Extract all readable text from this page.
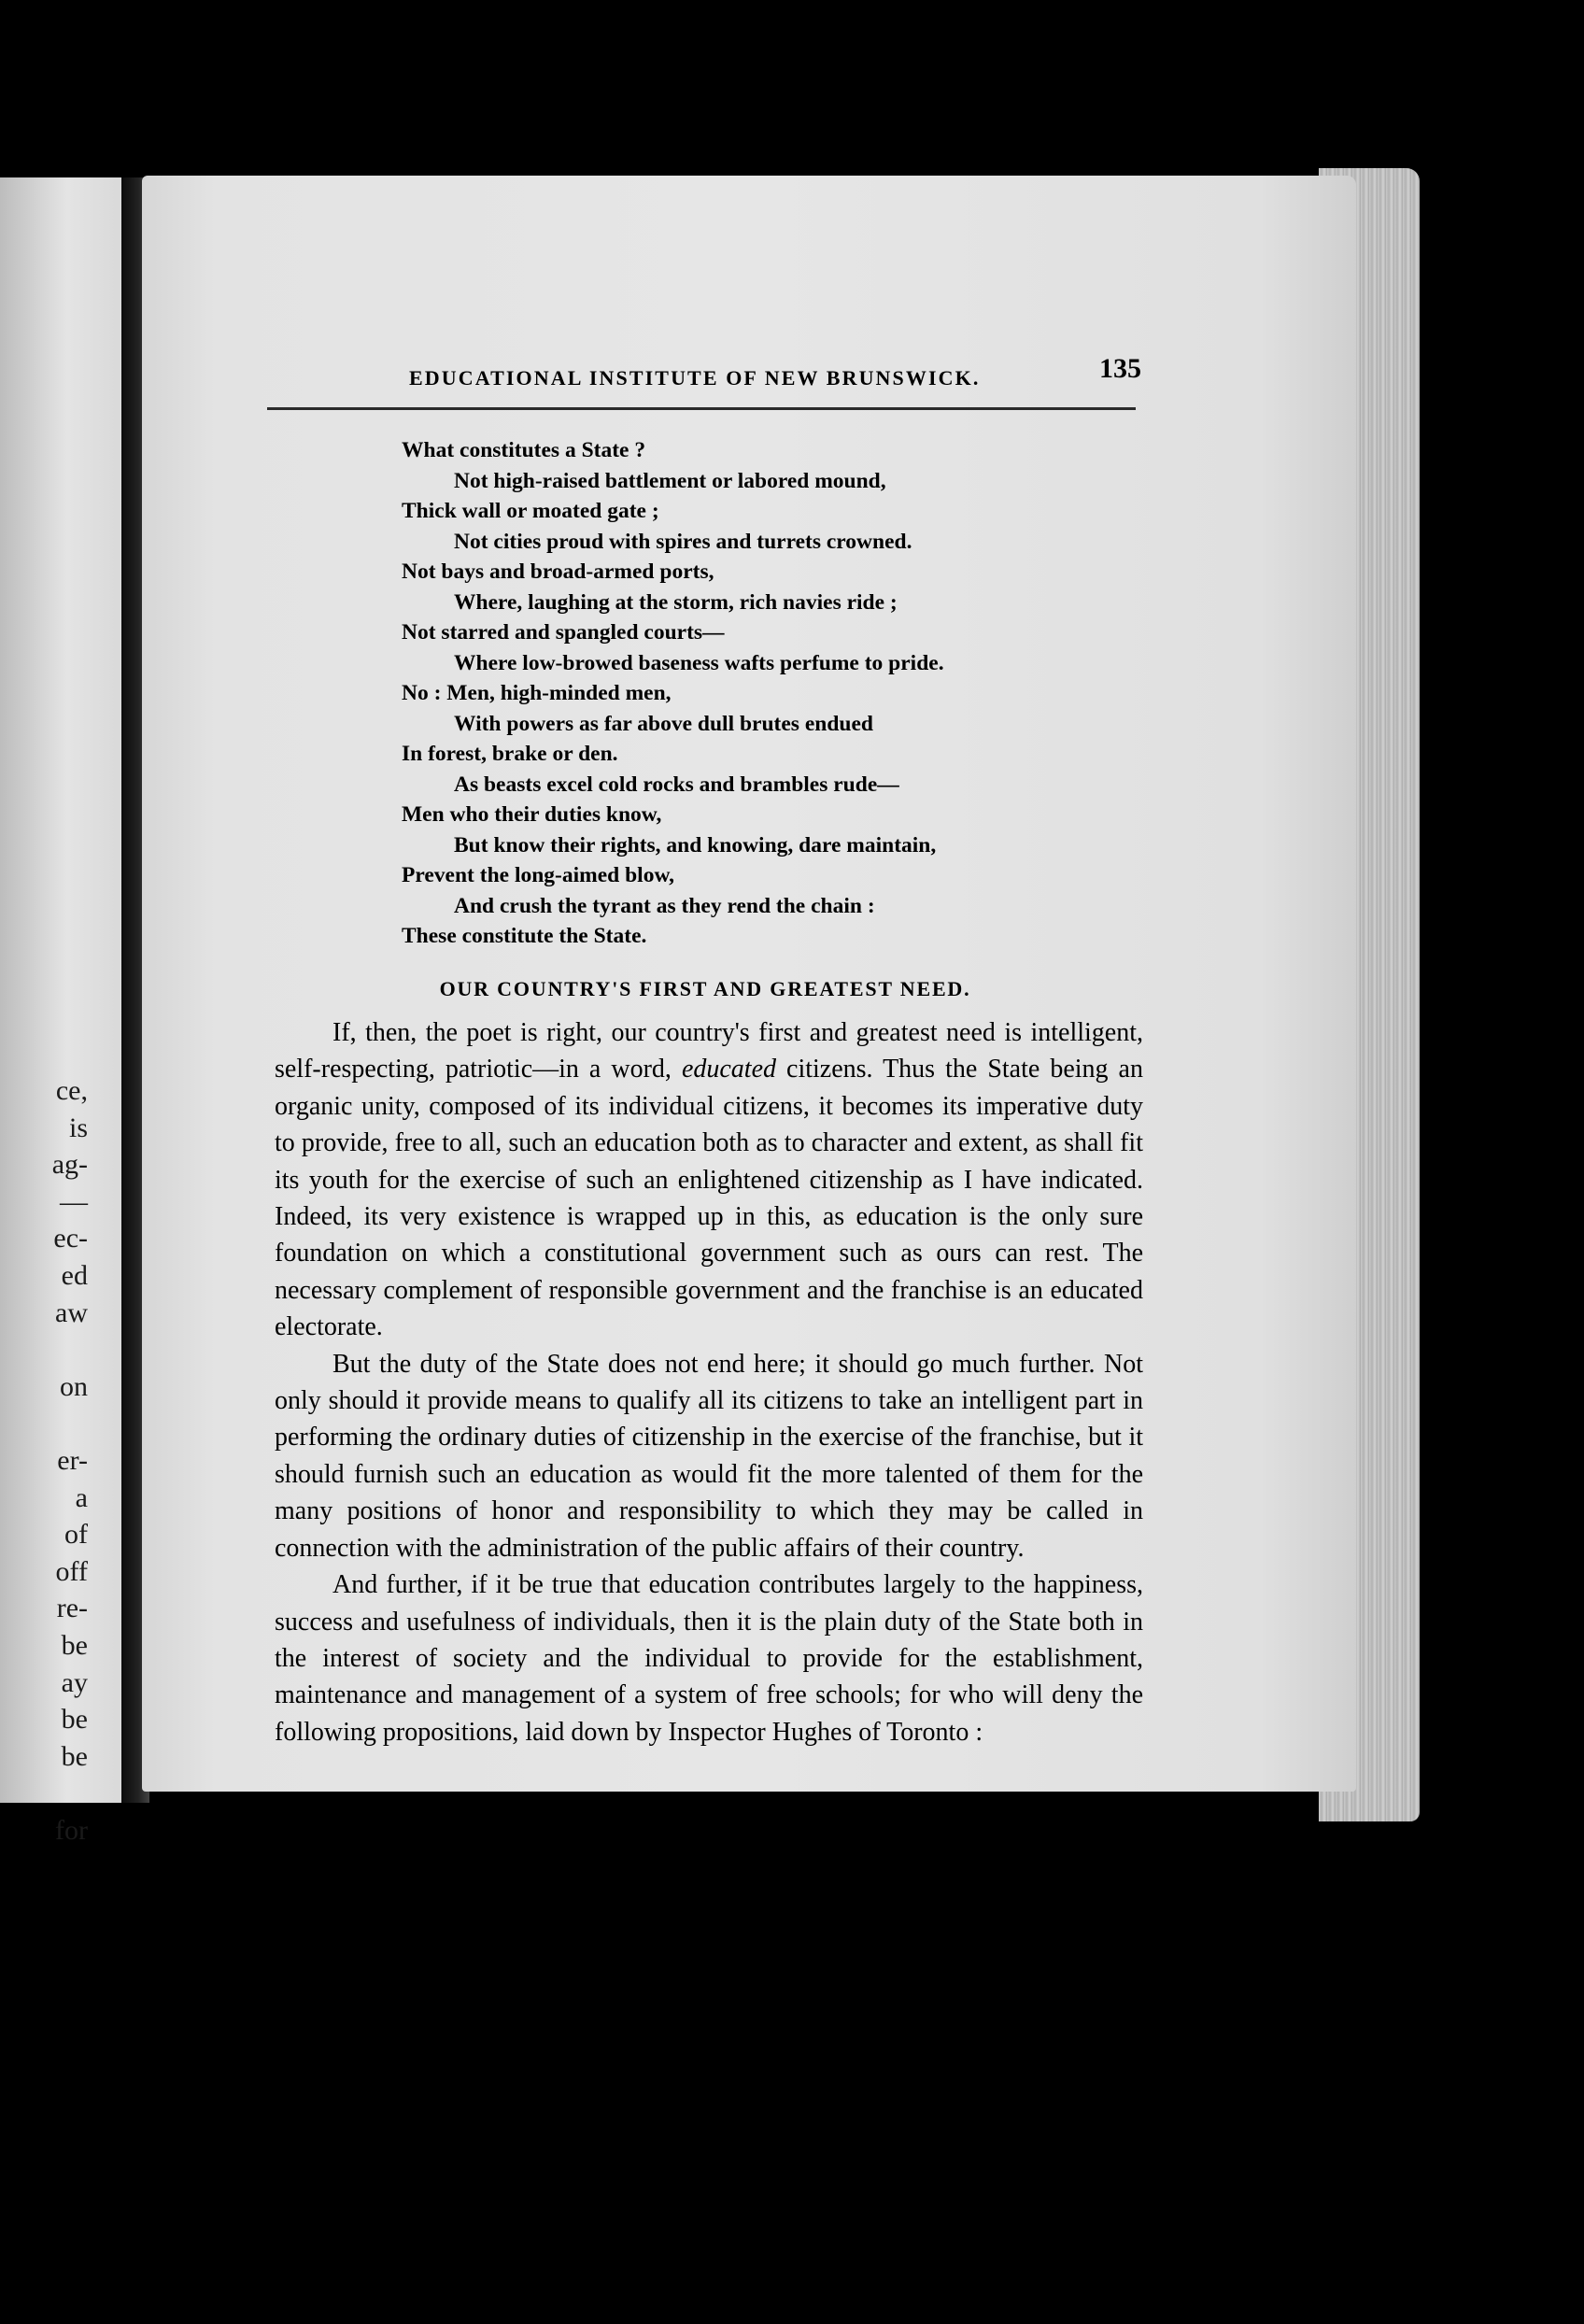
ce,
is
ag-
—
ec-
ed
aw
on
er-
a
of
off
re-
be
ay
be
be
for
EDUCATIONAL INSTITUTE OF NEW BRUNSWICK.	135
What constitutes a State ?
Not high-raised battlement or labored mound,
Thick wall or moated gate ;
Not cities proud with spires and turrets crowned.
Not bays and broad-armed ports,
Where, laughing at the storm, rich navies ride ;
Not starred and spangled courts—
Where low-browed baseness wafts perfume to pride.
No : Men, high-minded men,
With powers as far above dull brutes endued
In forest, brake or den.
As beasts excel cold rocks and brambles rude—
Men who their duties know,
But know their rights, and knowing, dare maintain,
Prevent the long-aimed blow,
And crush the tyrant as they rend the chain :
These constitute the State.
OUR COUNTRY'S FIRST AND GREATEST NEED.

If, then, the poet is right, our country's first and greatest need is intelligent, self-respecting, patriotic—in a word, educated citizens. Thus the State being an organic unity, composed of its individual citizens, it becomes its imperative duty to provide, free to all, such an education both as to character and extent, as shall fit its youth for the exercise of such an enlightened citizenship as I have indicated. Indeed, its very existence is wrapped up in this, as education is the only sure foundation on which a constitutional government such as ours can rest. The necessary complement of responsible government and the franchise is an educated electorate.

But the duty of the State does not end here; it should go much further. Not only should it provide means to qualify all its citizens to take an intelligent part in performing the ordinary duties of citizenship in the exercise of the franchise, but it should furnish such an education as would fit the more talented of them for the many positions of honor and responsibility to which they may be called in connection with the administration of the public affairs of their country.

And further, if it be true that education contributes largely to the happiness, success and usefulness of individuals, then it is the plain duty of the State both in the interest of society and the individual to provide for the establishment, maintenance and management of a system of free schools; for who will deny the following propositions, laid down by Inspector Hughes of Toronto :
